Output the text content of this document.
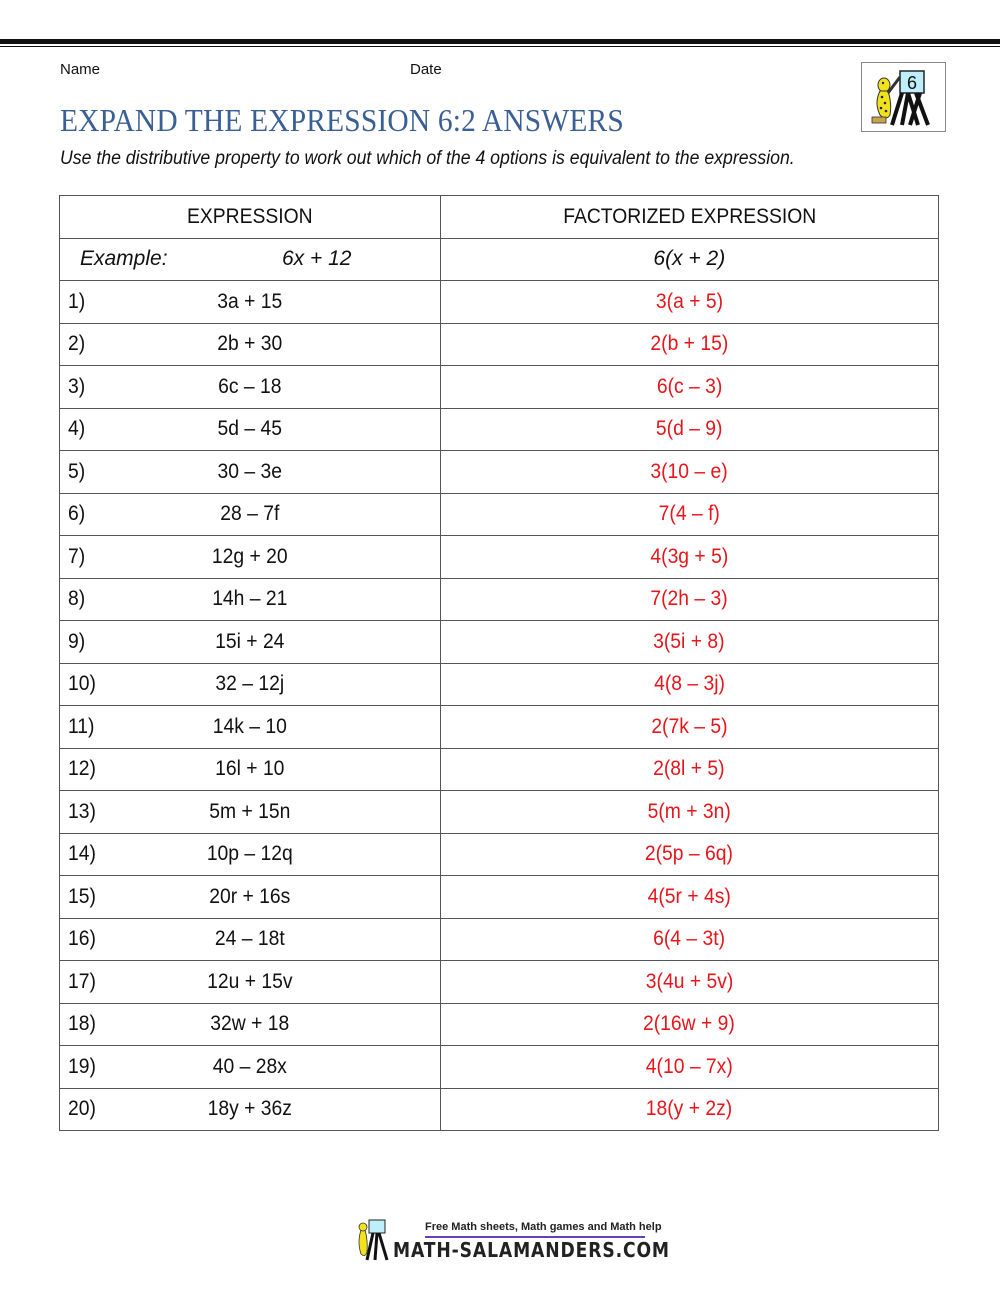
Name	Date
6
EXPAND THE EXPRESSION 6:2 ANSWERS
Use the distributive property to work out which of the 4 options is equivalent to the expression.
EXPRESSION	FACTORIZED EXPRESSION

Example: 6x + 12	6(x + 2)

1) 3a + 15	3(a + 5)

2) 2b + 30	2(b + 15)

3) 6c – 18	6(c – 3)

4) 5d – 45	5(d – 9)

5) 30 – 3e	3(10 – e)

6) 28 – 7f	7(4 – f)

7) 12g + 20	4(3g + 5)

8) 14h – 21	7(2h – 3)

9) 15i + 24	3(5i + 8)

10) 32 – 12j	4(8 – 3j)

11) 14k – 10	2(7k – 5)

12) 16l + 10	2(8l + 5)

13) 5m + 15n	5(m + 3n)

14) 10p – 12q	2(5p – 6q)

15) 20r + 16s	4(5r + 4s)

16) 24 – 18t	6(4 – 3t)

17) 12u + 15v	3(4u + 5v)

18) 32w + 18	2(16w + 9)

19) 40 – 28x	4(10 – 7x)

20) 18y + 36z	18(y + 2z)
Free Math sheets, Math games and Math help
MATH-SALAMANDERS.COM
